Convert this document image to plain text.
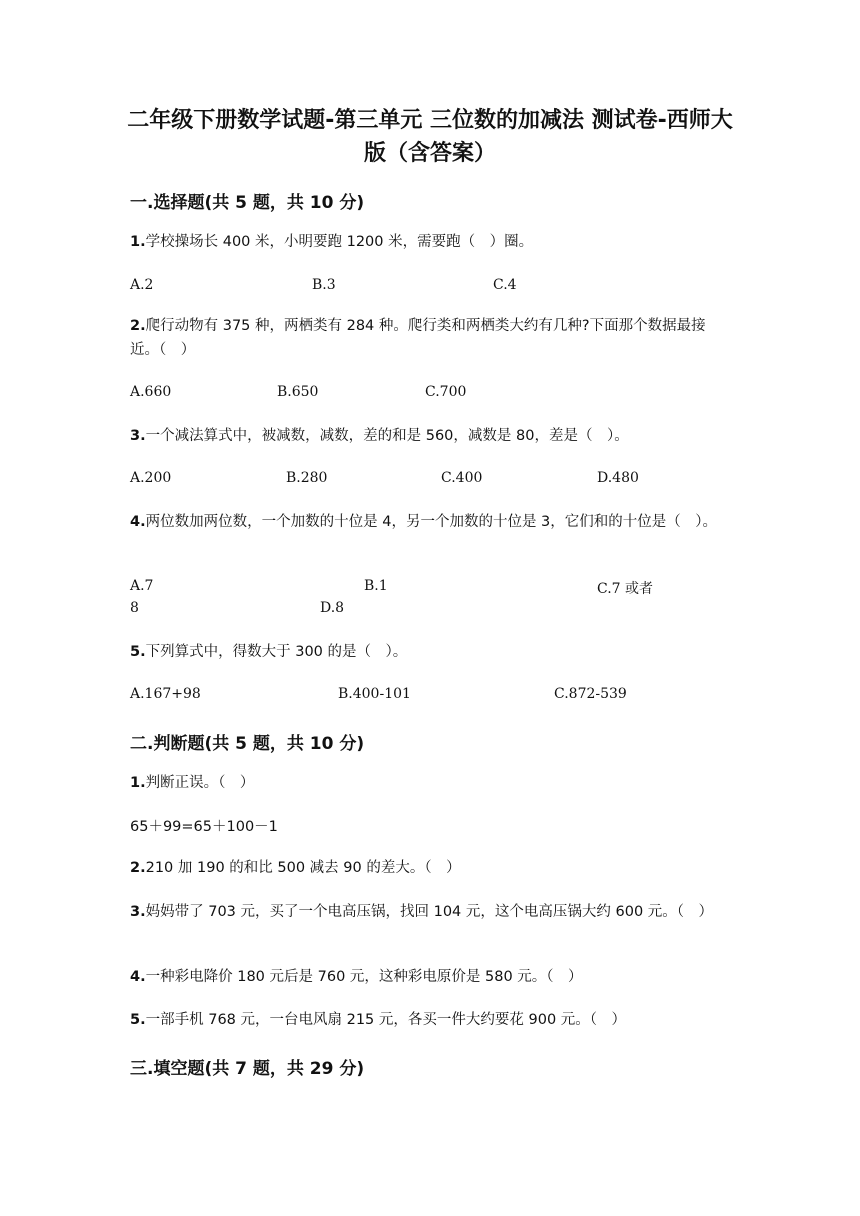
二年级下册数学试题-第三单元 三位数的加减法 测试卷-西师大版（含答案）
一.选择题(共 5 题，共 10 分)
1.学校操场长 400 米，小明要跑 1200 米，需要跑（　）圈。
A.2	B.3	C.4
2.爬行动物有 375 种，两栖类有 284 种。爬行类和两栖类大约有几种?下面那个数据最接近。（　）
A.660	B.650	C.700
3.一个减法算式中，被减数，减数，差的和是 560，减数是 80，差是（　）。
A.200	B.280	C.400	D.480
4.两位数加两位数，一个加数的十位是 4，另一个加数的十位是 3，它们和的十位是（　）。
A.7	B.1	C.7 或者
8	D.8
5.下列算式中，得数大于 300 的是（　）。
A.167+98	B.400-101	C.872-539
二.判断题(共 5 题，共 10 分)
1.判断正误。（　）
65＋99=65＋100－1
2.210 加 190 的和比 500 减去 90 的差大。（　）
3.妈妈带了 703 元，买了一个电高压锅，找回 104 元，这个电高压锅大约 600 元。（　）
4.一种彩电降价 180 元后是 760 元，这种彩电原价是 580 元。（　）
5.一部手机 768 元，一台电风扇 215 元，各买一件大约要花 900 元。（　）
三.填空题(共 7 题，共 29 分)
